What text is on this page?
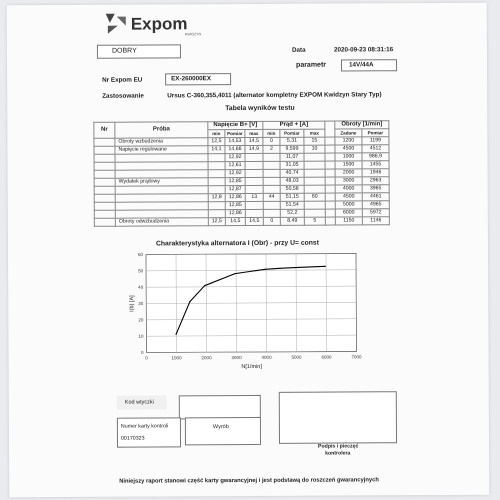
Expom
KWIDZYN
DOBRY	Data	2020-09-23 08:31:16
parametr	14V/44A
Nr Expom EU	EX-260000EX
Zastosowanie	Ursus C-360,355,4011 (alternator kompletny EXPOM Kwidzyn Stary Typ)
Tabela wyników testu
Nr	Próba	Napięcie B+ [V]			Prąd + [A]				Obroty [1/min]	
		min	Pomiar	max	min	Pomiar	max		Zadane	Pomiar
	Obroty wzbudzenia	12,5	14,53	14,5	0	5,31	15		1200	1199
	Napięcie regulowane	14,1	14,66	14,9	2	9,599	10		4500	4512
			12,92			11,07			1000	986,9
			12,61			31,05			1500	1455
			12,92			40,74			2000	1946
	Wydatek prądowy		12,85			48,03			3000	2963
			12,87			50,58			4000	3965
		12,8	12,86	13	44	51,15	60		4500	4461
			12,85			51,54			5000	4965
			12,86			52,2			6000	5972
	Obroty odwzbudzenia	12,5	14,5	14,5	0	8,49	5		1150	1146
Charakterystyka alternatora I (Obr) - przy U= const
0	1000	2000	3000	4000	5000	6000	7000
0
10
20
30
40
50
60
N[1/min]
I(b) [A]
Kod wtyczki
Numer karty kontroli
00170323
Wyrób
Podpis i pieczęć
kontrolera
Niniejszy raport stanowi część karty gwarancyjnej i jest podstawą do roszczeń gwarancyjnych
